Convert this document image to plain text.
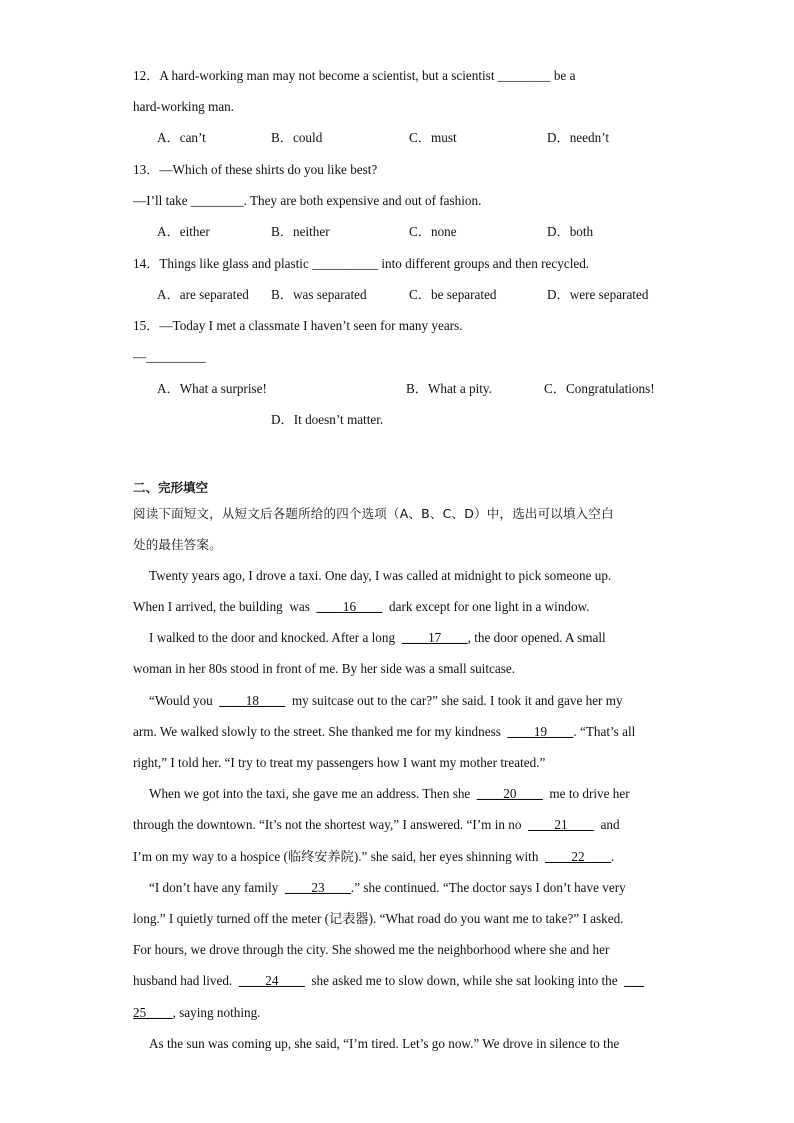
12．A hard-working man may not become a scientist, but a scientist ________ be a
hard-working man.
A．can’t	B．could	C．must	D．needn’t
13．—Which of these shirts do you like best?
—I’ll take ________. They are both expensive and out of fashion.
A．either	B．neither	C．none	D．both
14．Things like glass and plastic __________ into different groups and then recycled.
A．are separated B．was separated	C．be separated	D．were separated
15．—Today I met a classmate I haven’t seen for many years.
—_________
A．What a surprise!	B．What a pity.	C．Congratulations!
D．It doesn’t matter.
二、完形填空
阅读下面短文，从短文后各题所给的四个选项（A、B、C、D）中，选出可以填入空白
处的最佳答案。
Twenty years ago, I drove a taxi. One day, I was called at midnight to pick someone up.
When I arrived, the building  was  ____16____  dark except for one light in a window.
I walked to the door and knocked. After a long  ____17____, the door opened. A small
woman in her 80s stood in front of me. By her side was a small suitcase.
“Would you  ____18____  my suitcase out to the car?” she said. I took it and gave her my
arm. We walked slowly to the street. She thanked me for my kindness  ____19____. “That’s all
right,” I told her. “I try to treat my passengers how I want my mother treated.”
When we got into the taxi, she gave me an address. Then she  ____20____  me to drive her
through the downtown. “It’s not the shortest way,” I answered. “I’m in no  ____21____  and
I’m on my way to a hospice (临终安养院).” she said, her eyes shinning with  ____22____.
“I don’t have any family  ____23____.” she continued. “The doctor says I don’t have very
long.” I quietly turned off the meter (记表器). “What road do you want me to take?” I asked.
For hours, we drove through the city. She showed me the neighborhood where she and her
husband had lived.  ____24____  she asked me to slow down, while she sat looking into the  ___
25____, saying nothing.
As the sun was coming up, she said, “I’m tired. Let’s go now.” We drove in silence to the
